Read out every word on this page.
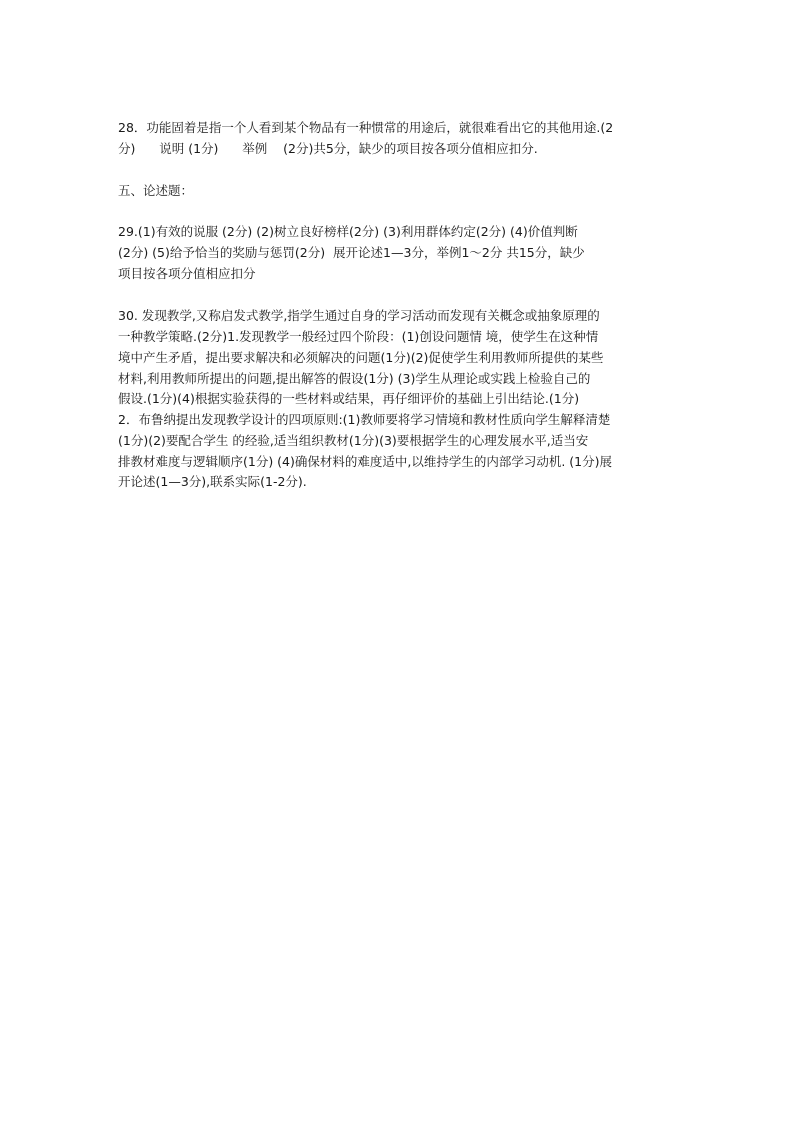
28．功能固着是指一个人看到某个物品有一种惯常的用途后，就很难看出它的其他用途.(2
分)      说明 (1分)      举例    (2分)共5分，缺少的项目按各项分值相应扣分.
五、论述题：
29.(1)有效的说服 (2分) (2)树立良好榜样(2分) (3)利用群体约定(2分) (4)价值判断
(2分) (5)给予恰当的奖励与惩罚(2分)  展开论述1—3分，举例1～2分 共15分，缺少
项目按各项分值相应扣分
30. 发现教学,又称启发式教学,指学生通过自身的学习活动而发现有关概念或抽象原理的
一种教学策略.(2分)1.发现教学一般经过四个阶段：(1)创设问题情 境，使学生在这种情
境中产生矛盾，提出要求解决和必须解决的问题(1分)(2)促使学生利用教师所提供的某些
材料,利用教师所提出的问题,提出解答的假设(1分) (3)学生从理论或实践上检验自己的
假设.(1分)(4)根据实验获得的一些材料或结果，再仔细评价的基础上引出结论.(1分)
2．布鲁纳提出发现教学设计的四项原则:(1)教师要将学习情境和教材性质向学生解释清楚
(1分)(2)要配合学生 的经验,适当组织教材(1分)(3)要根据学生的心理发展水平,适当安
排教材难度与逻辑顺序(1分) (4)确保材料的难度适中,以维持学生的内部学习动机. (1分)展
开论述(1—3分),联系实际(1-2分).
